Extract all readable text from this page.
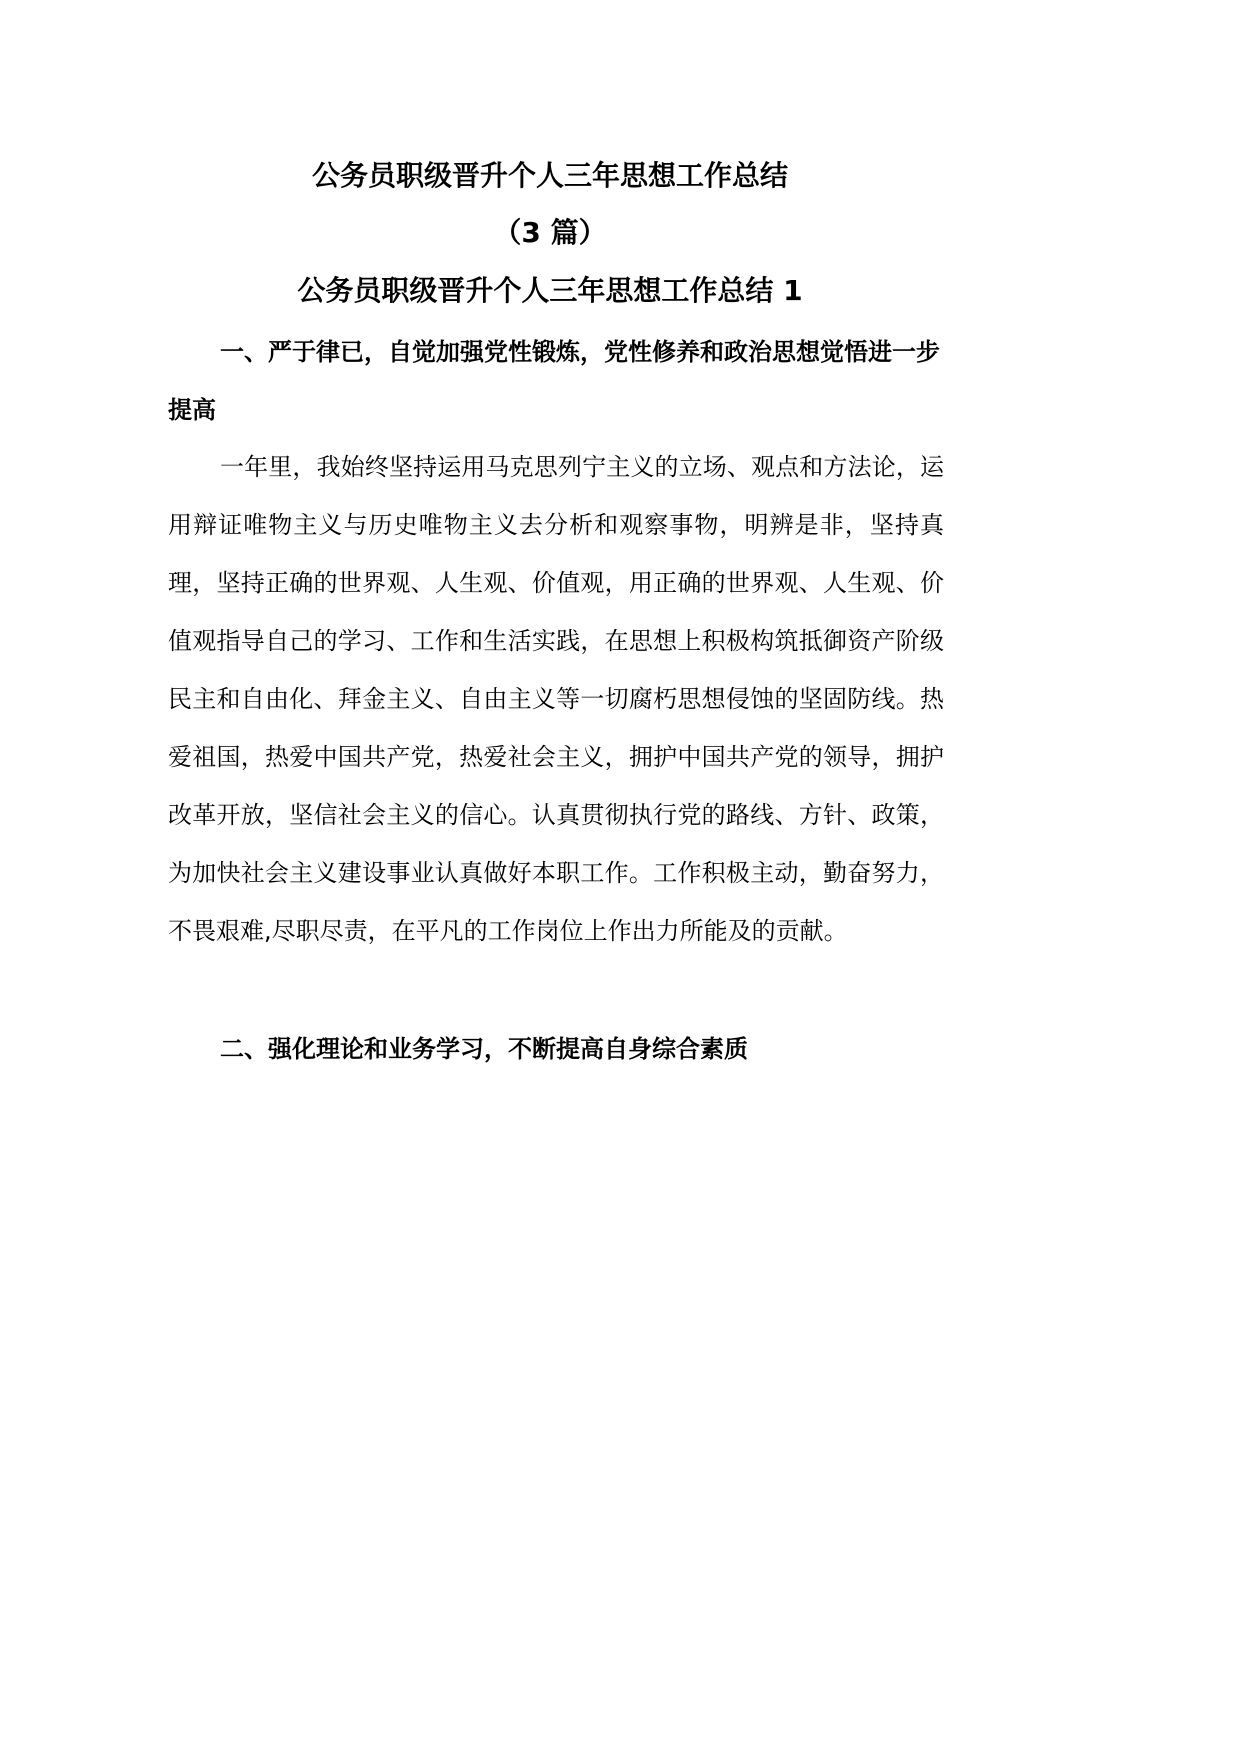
公务员职级晋升个人三年思想工作总结
（3 篇）
公务员职级晋升个人三年思想工作总结 1
一、严于律已，自觉加强党性锻炼，党性修养和政治思想觉悟进一步提高

一年里，我始终坚持运用马克思列宁主义的立场、观点和方法论，运用辩证唯物主义与历史唯物主义去分析和观察事物，明辨是非，坚持真理，坚持正确的世界观、人生观、价值观，用正确的世界观、人生观、价值观指导自己的学习、工作和生活实践，在思想上积极构筑抵御资产阶级民主和自由化、拜金主义、自由主义等一切腐朽思想侵蚀的坚固防线。热爱祖国，热爱中国共产党，热爱社会主义，拥护中国共产党的领导，拥护改革开放，坚信社会主义的信心。认真贯彻执行党的路线、方针、政策，为加快社会主义建设事业认真做好本职工作。工作积极主动，勤奋努力，不畏艰难,尽职尽责，在平凡的工作岗位上作出力所能及的贡献。

二、强化理论和业务学习，不断提高自身综合素质
